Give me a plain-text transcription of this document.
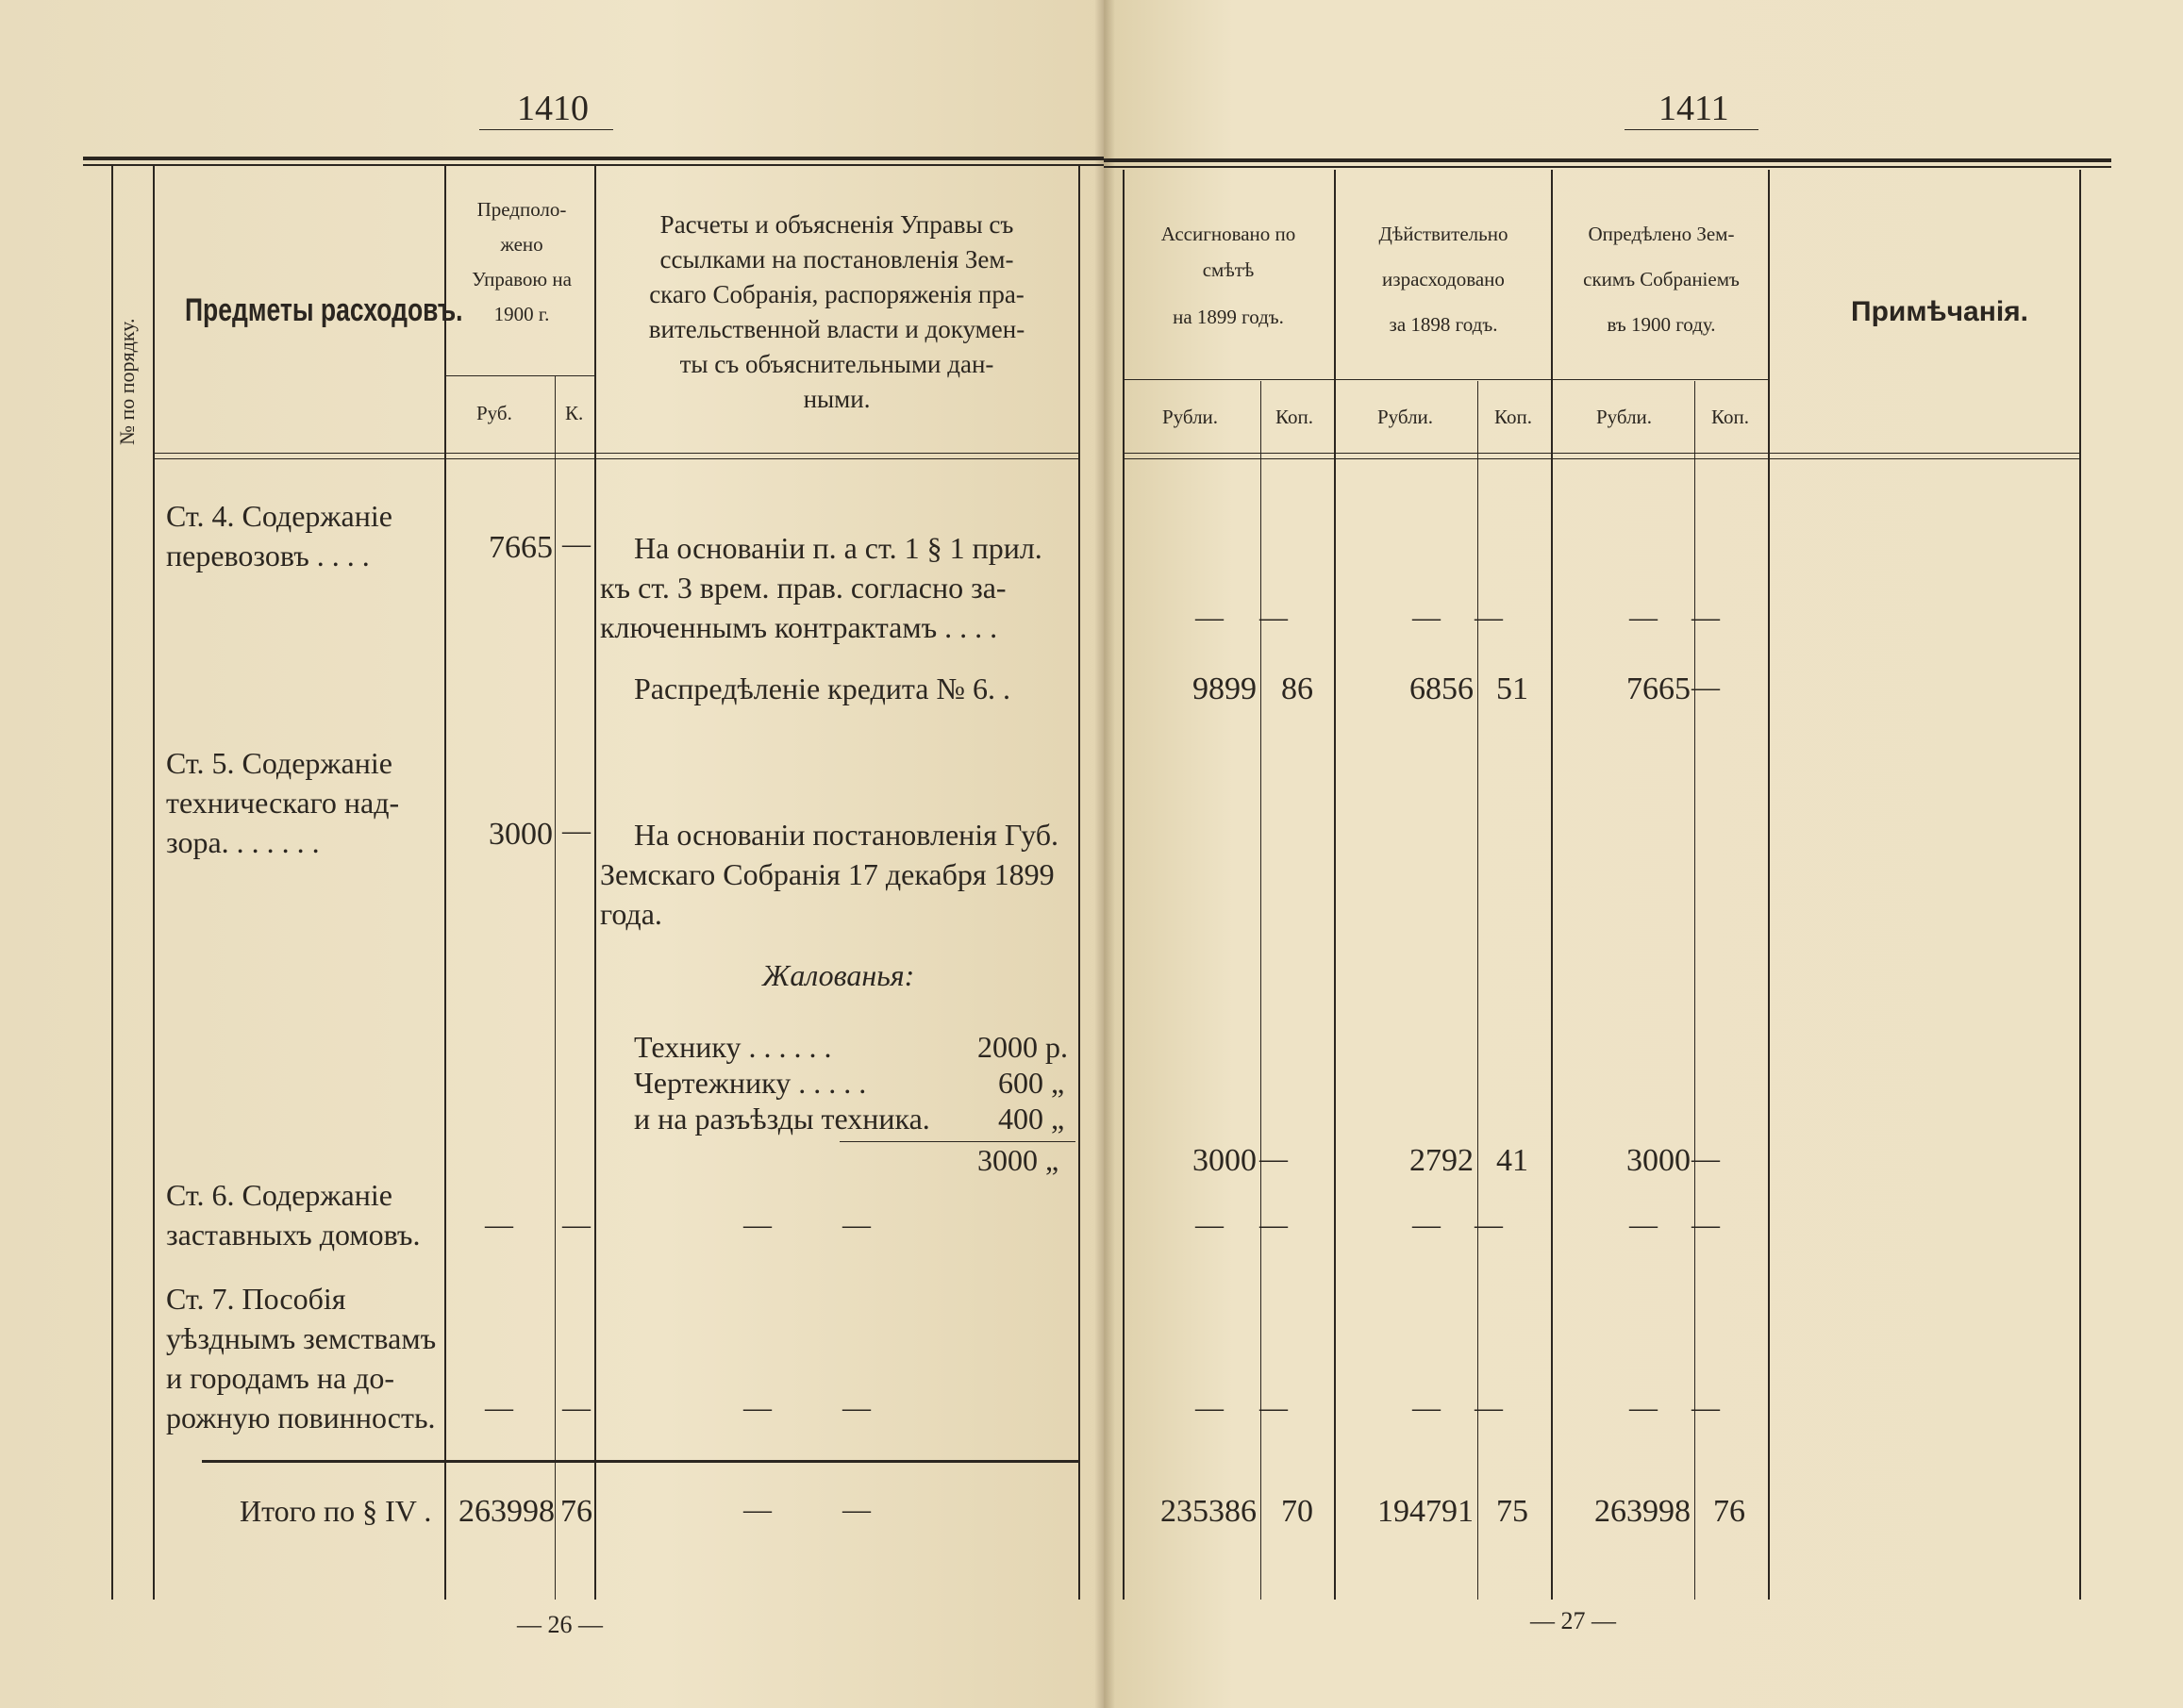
1410
№ по порядку.
Предметы расходовъ.
Предполо-
жено
Управою на
1900 г.
Руб.	К.
Расчеты и объясненія Управы съ
ссылками на постановленія Зем-
скаго Собранія, распоряженія пра-
вительственной власти и докумен-
ты съ объяснительными дан-
ными.
Ст. 4. Содержаніе
перевозовъ . . . .	7665 —	На основаніи п. а ст. 1 § 1 прил.
къ ст. 3 врем. прав. согласно за-
ключеннымъ контрактамъ . . . .
Распредѣленіе кредита № 6. .
Ст. 5. Содержаніе
техническаго над-
зора. . . . . . .	3000 —	На основаніи постановленія Губ.
Земскаго Собранія 17 декабря 1899
года.
Жалованья:
Технику . . . . . .	2000 р.
Чертежнику . . . . .	600 „
и на разъѣзды техника. 400 „
3000 „
Ст. 6. Содержаніе
заставныхъ домовъ. — —	—          —
Ст. 7. Пособія
уѣзднымъ земствамъ
и городамъ на до-
рожную повинность. — —	—          —
Итого по § IV . 263998 76	—          —
— 26 —
1411
Ассигновано по
смѣтѣ
на 1899 годъ.
Дѣйствительно
израсходовано
за 1898 годъ.
Опредѣлено Зем-
скимъ Собраніемъ
въ 1900 году.
Рубли.	Коп.	Рубли.	Коп.	Рубли.	Коп.
Примѣчанія.
—	—	—	—	—	—
9899 86	6856 51	7665 —
3000 —	2792 41	3000 —
—	—	—	—	—	—
—	—	—	—	—	—
235386 70	194791 75	263998 76
— 27 —
